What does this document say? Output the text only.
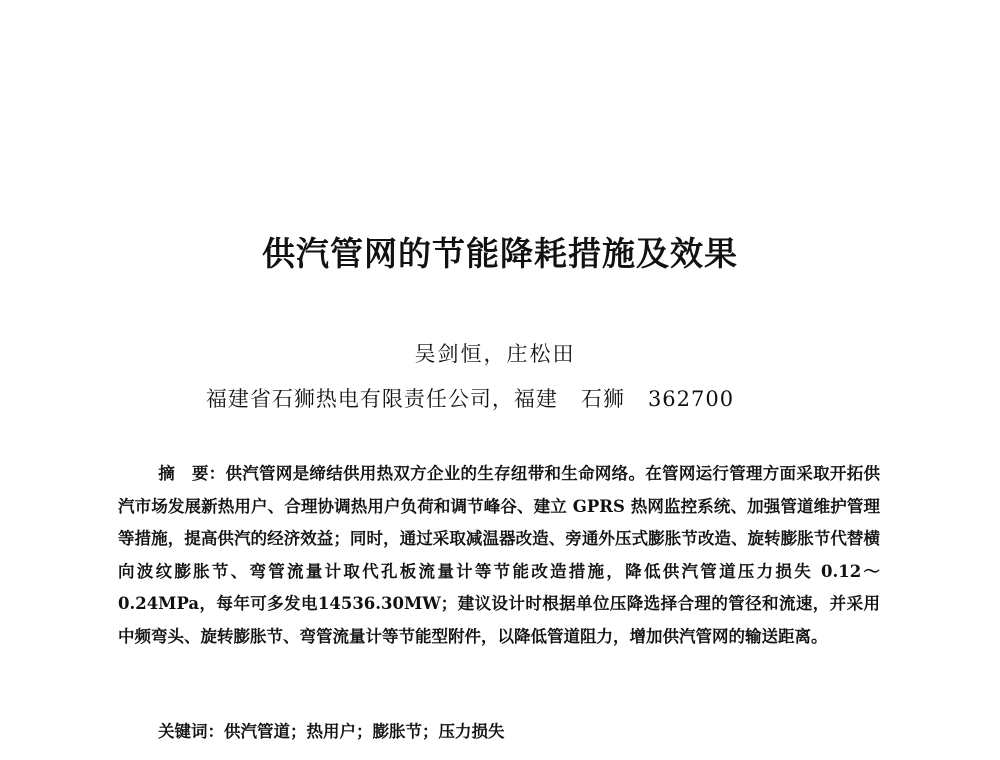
供汽管网的节能降耗措施及效果

吴剑恒，庄松田

福建省石狮热电有限责任公司，福建   石狮   362700

摘　要：供汽管网是缔结供用热双方企业的生存纽带和生命网络。在管网运行管理方面采取开拓供汽市场发展新热用户、合理协调热用户负荷和调节峰谷、建立 GPRS 热网监控系统、加强管道维护管理等措施，提高供汽的经济效益；同时，通过采取减温器改造、旁通外压式膨胀节改造、旋转膨胀节代替横向波纹膨胀节、弯管流量计取代孔板流量计等节能改造措施，降低供汽管道压力损失 0.12～0.24MPa，每年可多发电14536.30MW；建议设计时根据单位压降选择合理的管径和流速，并采用中频弯头、旋转膨胀节、弯管流量计等节能型附件，以降低管道阻力，增加供汽管网的输送距离。

关键词：供汽管道；热用户；膨胀节；压力损失
